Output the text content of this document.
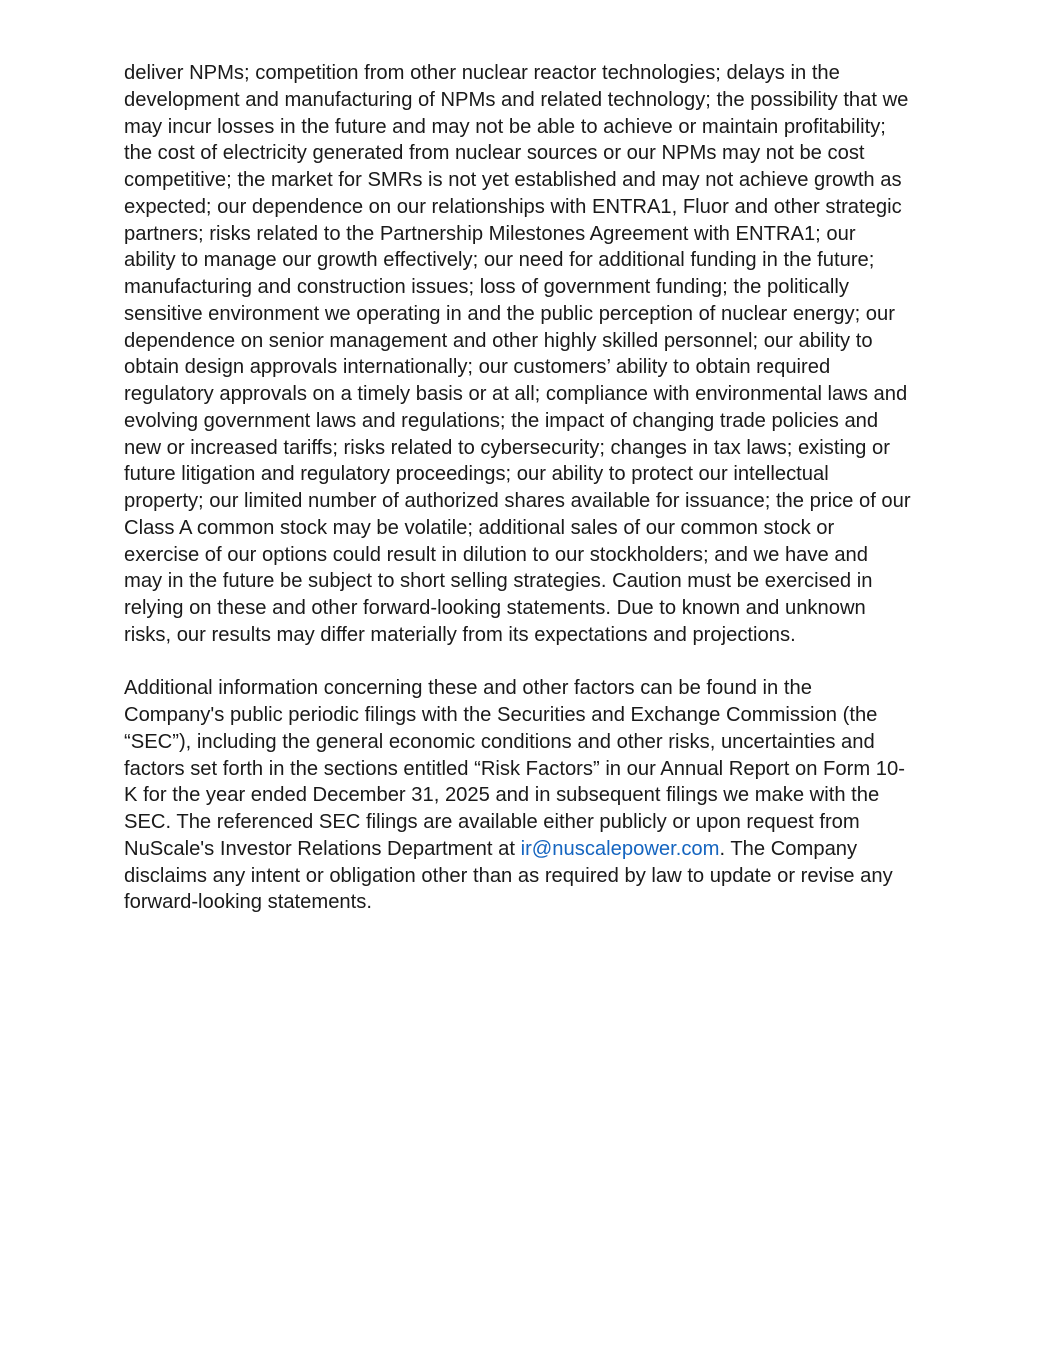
deliver NPMs; competition from other nuclear reactor technologies; delays in the
development and manufacturing of NPMs and related technology; the possibility that we
may incur losses in the future and may not be able to achieve or maintain profitability;
the cost of electricity generated from nuclear sources or our NPMs may not be cost
competitive; the market for SMRs is not yet established and may not achieve growth as
expected; our dependence on our relationships with ENTRA1, Fluor and other strategic
partners; risks related to the Partnership Milestones Agreement with ENTRA1; our
ability to manage our growth effectively; our need for additional funding in the future;
manufacturing and construction issues; loss of government funding; the politically
sensitive environment we operating in and the public perception of nuclear energy; our
dependence on senior management and other highly skilled personnel; our ability to
obtain design approvals internationally; our customers’ ability to obtain required
regulatory approvals on a timely basis or at all; compliance with environmental laws and
evolving government laws and regulations; the impact of changing trade policies and
new or increased tariffs; risks related to cybersecurity; changes in tax laws; existing or
future litigation and regulatory proceedings; our ability to protect our intellectual
property; our limited number of authorized shares available for issuance; the price of our
Class A common stock may be volatile; additional sales of our common stock or
exercise of our options could result in dilution to our stockholders; and we have and
may in the future be subject to short selling strategies. Caution must be exercised in
relying on these and other forward-looking statements. Due to known and unknown
risks, our results may differ materially from its expectations and projections.

Additional information concerning these and other factors can be found in the
Company's public periodic filings with the Securities and Exchange Commission (the
“SEC”), including the general economic conditions and other risks, uncertainties and
factors set forth in the sections entitled “Risk Factors” in our Annual Report on Form 10-
K for the year ended December 31, 2025 and in subsequent filings we make with the
SEC. The referenced SEC filings are available either publicly or upon request from
NuScale's Investor Relations Department at ir@nuscalepower.com. The Company
disclaims any intent or obligation other than as required by law to update or revise any
forward-looking statements.
